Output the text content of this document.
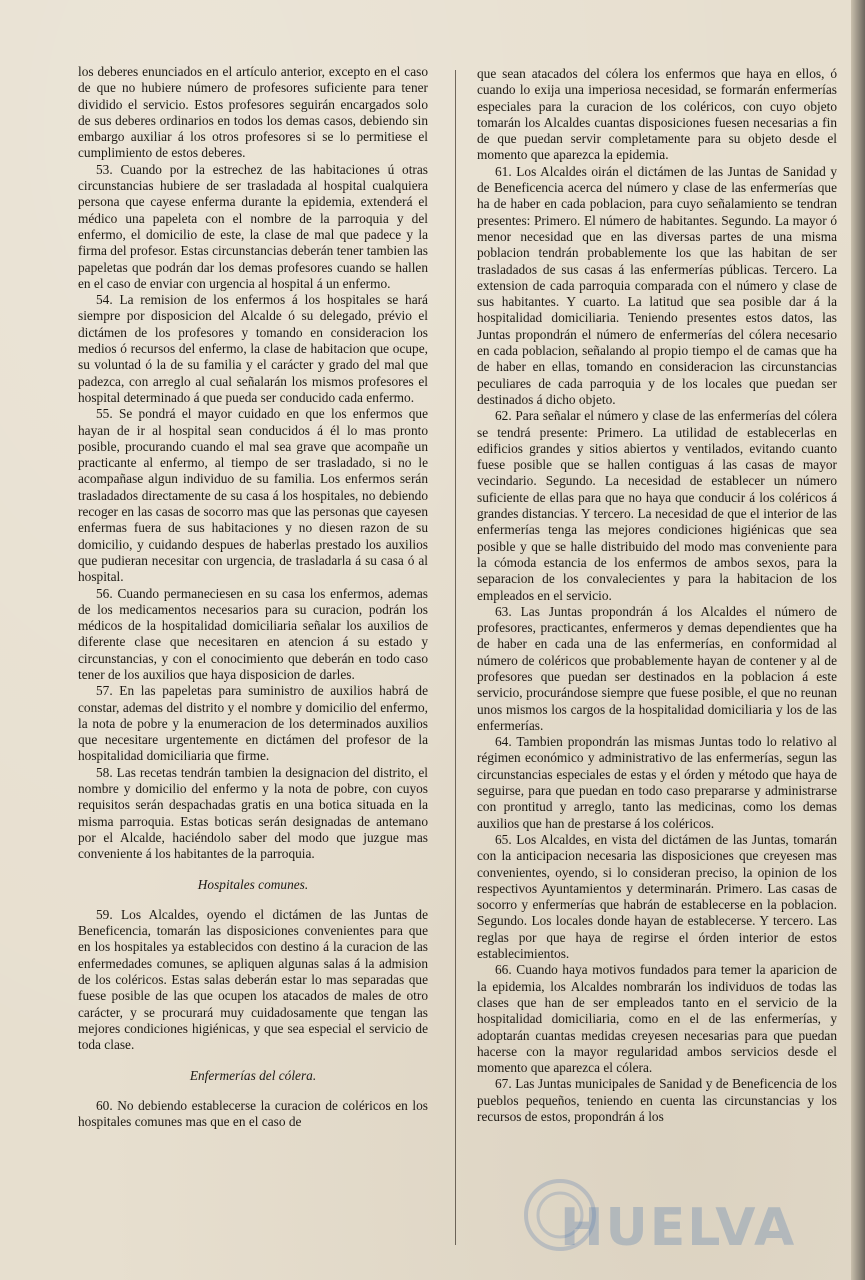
los deberes enunciados en el artículo anterior, excepto en el caso de que no hubiere número de profesores suficiente para tener dividido el servicio. Estos profesores seguirán encargados solo de sus deberes ordinarios en todos los demas casos, debiendo sin embargo auxiliar á los otros profesores si se lo permitiese el cumplimiento de estos deberes.

53. Cuando por la estrechez de las habitaciones ú otras circunstancias hubiere de ser trasladada al hospital cualquiera persona que cayese enferma durante la epidemia, extenderá el médico una papeleta con el nombre de la parroquia y del enfermo, el domicilio de este, la clase de mal que padece y la firma del profesor. Estas circunstancias deberán tener tambien las papeletas que podrán dar los demas profesores cuando se hallen en el caso de enviar con urgencia al hospital á un enfermo.

54. La remision de los enfermos á los hospitales se hará siempre por disposicion del Alcalde ó su delegado, prévio el dictámen de los profesores y tomando en consideracion los medios ó recursos del enfermo, la clase de habitacion que ocupe, su voluntad ó la de su familia y el carácter y grado del mal que padezca, con arreglo al cual señalarán los mismos profesores el hospital determinado á que pueda ser conducido cada enfermo.

55. Se pondrá el mayor cuidado en que los enfermos que hayan de ir al hospital sean conducidos á él lo mas pronto posible, procurando cuando el mal sea grave que acompañe un practicante al enfermo, al tiempo de ser trasladado, si no le acompañase algun individuo de su familia. Los enfermos serán trasladados directamente de su casa á los hospitales, no debiendo recoger en las casas de socorro mas que las personas que cayesen enfermas fuera de sus habitaciones y no diesen razon de su domicilio, y cuidando despues de haberlas prestado los auxilios que pudieran necesitar con urgencia, de trasladarla á su casa ó al hospital.

56. Cuando permaneciesen en su casa los enfermos, ademas de los medicamentos necesarios para su curacion, podrán los médicos de la hospitalidad domiciliaria señalar los auxilios de diferente clase que necesitaren en atencion á su estado y circunstancias, y con el conocimiento que deberán en todo caso tener de los auxilios que haya disposicion de darles.

57. En las papeletas para suministro de auxilios habrá de constar, ademas del distrito y el nombre y domicilio del enfermo, la nota de pobre y la enumeracion de los determinados auxilios que necesitare urgentemente en dictámen del profesor de la hospitalidad domiciliaria que firme.

58. Las recetas tendrán tambien la designacion del distrito, el nombre y domicilio del enfermo y la nota de pobre, con cuyos requisitos serán despachadas gratis en una botica situada en la misma parroquia. Estas boticas serán designadas de antemano por el Alcalde, haciéndolo saber del modo que juzgue mas conveniente á los habitantes de la parroquia.

Hospitales comunes.

59. Los Alcaldes, oyendo el dictámen de las Juntas de Beneficencia, tomarán las disposiciones convenientes para que en los hospitales ya establecidos con destino á la curacion de las enfermedades comunes, se apliquen algunas salas á la admision de los coléricos. Estas salas deberán estar lo mas separadas que fuese posible de las que ocupen los atacados de males de otro carácter, y se procurará muy cuidadosamente que tengan las mejores condiciones higiénicas, y que sea especial el servicio de toda clase.

Enfermerías del cólera.

60. No debiendo establecerse la curacion de coléricos en los hospitales comunes mas que en el caso de

que sean atacados del cólera los enfermos que haya en ellos, ó cuando lo exija una imperiosa necesidad, se formarán enfermerías especiales para la curacion de los coléricos, con cuyo objeto tomarán los Alcaldes cuantas disposiciones fuesen necesarias a fin de que puedan servir completamente para su objeto desde el momento que aparezca la epidemia.

61. Los Alcaldes oirán el dictámen de las Juntas de Sanidad y de Beneficencia acerca del número y clase de las enfermerías que ha de haber en cada poblacion, para cuyo señalamiento se tendran presentes: Primero. El número de habitantes. Segundo. La mayor ó menor necesidad que en las diversas partes de una misma poblacion tendrán probablemente los que las habitan de ser trasladados de sus casas á las enfermerías públicas. Tercero. La extension de cada parroquia comparada con el número y clase de sus habitantes. Y cuarto. La latitud que sea posible dar á la hospitalidad domiciliaria. Teniendo presentes estos datos, las Juntas propondrán el número de enfermerías del cólera necesario en cada poblacion, señalando al propio tiempo el de camas que ha de haber en ellas, tomando en consideracion las circunstancias peculiares de cada parroquia y de los locales que puedan ser destinados á dicho objeto.

62. Para señalar el número y clase de las enfermerías del cólera se tendrá presente: Primero. La utilidad de establecerlas en edificios grandes y sitios abiertos y ventilados, evitando cuanto fuese posible que se hallen contiguas á las casas de mayor vecindario. Segundo. La necesidad de establecer un número suficiente de ellas para que no haya que conducir á los coléricos á grandes distancias. Y tercero. La necesidad de que el interior de las enfermerías tenga las mejores condiciones higiénicas que sea posible y que se halle distribuido del modo mas conveniente para la cómoda estancia de los enfermos de ambos sexos, para la separacion de los convalecientes y para la habitacion de los empleados en el servicio.

63. Las Juntas propondrán á los Alcaldes el número de profesores, practicantes, enfermeros y demas dependientes que ha de haber en cada una de las enfermerías, en conformidad al número de coléricos que probablemente hayan de contener y al de profesores que puedan ser destinados en la poblacion á este servicio, procurándose siempre que fuese posible, el que no reunan unos mismos los cargos de la hospitalidad domiciliaria y los de las enfermerías.

64. Tambien propondrán las mismas Juntas todo lo relativo al régimen económico y administrativo de las enfermerías, segun las circunstancias especiales de estas y el órden y método que haya de seguirse, para que puedan en todo caso prepararse y administrarse con prontitud y arreglo, tanto las medicinas, como los demas auxilios que han de prestarse á los coléricos.

65. Los Alcaldes, en vista del dictámen de las Juntas, tomarán con la anticipacion necesaria las disposiciones que creyesen mas convenientes, oyendo, si lo consideran preciso, la opinion de los respectivos Ayuntamientos y determinarán. Primero. Las casas de socorro y enfermerías que habrán de establecerse en la poblacion. Segundo. Los locales donde hayan de establecerse. Y tercero. Las reglas por que haya de regirse el órden interior de estos establecimientos.

66. Cuando haya motivos fundados para temer la aparicion de la epidemia, los Alcaldes nombrarán los individuos de todas las clases que han de ser empleados tanto en el servicio de la hospitalidad domiciliaria, como en el de las enfermerías, y adoptarán cuantas medidas creyesen necesarias para que puedan hacerse con la mayor regularidad ambos servicios desde el momento que aparezca el cólera.

67. Las Juntas municipales de Sanidad y de Beneficencia de los pueblos pequeños, teniendo en cuenta las circunstancias y los recursos de estos, propondrán á los

HUELVA
